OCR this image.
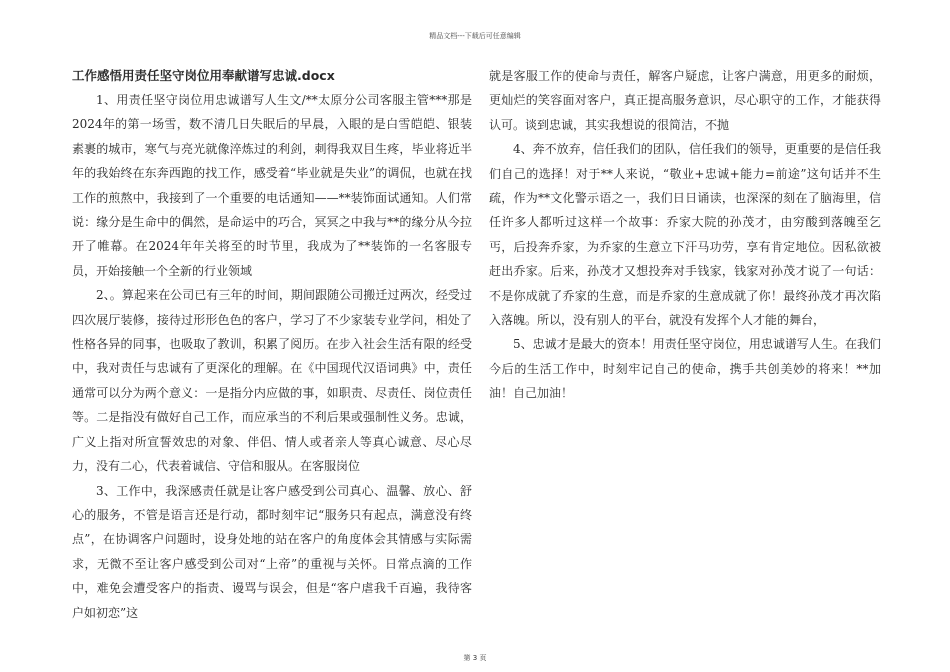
精品文档---下载后可任意编辑
工作感悟用责任坚守岗位用奉献谱写忠诚.docx

1、用责任坚守岗位用忠诚谱写人生文/**太原分公司客服主管***那是2024年的第一场雪，数不清几日失眠后的早晨，入眼的是白雪皑皑、银装素裹的城市，寒气与亮光就像淬炼过的利剑，刺得我双目生疼，毕业将近半年的我始终在东奔西跑的找工作，感受着“毕业就是失业”的调侃，也就在找工作的煎熬中，我接到了一个重要的电话通知——**装饰面试通知。人们常说：缘分是生命中的偶然，是命运中的巧合，冥冥之中我与**的缘分从今拉开了帷幕。在2024年年关将至的时节里，我成为了**装饰的一名客服专员，开始接触一个全新的行业领域

2、。算起来在公司已有三年的时间，期间跟随公司搬迁过两次，经受过四次展厅装修，接待过形形色色的客户，学习了不少家装专业学问，相处了性格各异的同事，也吸取了教训，积累了阅历。在步入社会生活有限的经受中，我对责任与忠诚有了更深化的理解。在《中国现代汉语词典》中，责任通常可以分为两个意义：一是指分内应做的事，如职责、尽责任、岗位责任等。二是指没有做好自己工作，而应承当的不利后果或强制性义务。忠诚，广义上指对所宣誓效忠的对象、伴侣、情人或者亲人等真心诚意、尽心尽力，没有二心，代表着诚信、守信和服从。在客服岗位

3、工作中，我深感责任就是让客户感受到公司真心、温馨、放心、舒心的服务，不管是语言还是行动，都时刻牢记“服务只有起点，满意没有终点”，在协调客户问题时，设身处地的站在客户的角度体会其情感与实际需求，无微不至让客户感受到公司对“上帝”的重视与关怀。日常点滴的工作中，难免会遭受客户的指责、谩骂与误会，但是“客户虐我千百遍，我待客户如初恋”这

就是客服工作的使命与责任，解客户疑虑，让客户满意，用更多的耐烦，更灿烂的笑容面对客户，真正提高服务意识，尽心职守的工作，才能获得认可。谈到忠诚，其实我想说的很简洁，不抛

4、奔不放弃，信任我们的团队，信任我们的领导，更重要的是信任我们自己的选择！对于**人来说，“敬业+忠诚+能力=前途”这句话并不生疏，作为**文化警示语之一，我们日日诵读，也深深的刻在了脑海里，信任许多人都听过这样一个故事：乔家大院的孙茂才，由穷酸到落魄至乞丐，后投奔乔家，为乔家的生意立下汗马功劳，享有肯定地位。因私欲被赶出乔家。后来，孙茂才又想投奔对手钱家，钱家对孙茂才说了一句话：不是你成就了乔家的生意，而是乔家的生意成就了你！最终孙茂才再次陷入落魄。所以，没有别人的平台，就没有发挥个人才能的舞台，

5、忠诚才是最大的资本！用责任坚守岗位，用忠诚谱写人生。在我们今后的生活工作中，时刻牢记自己的使命，携手共创美妙的将来！**加油！自己加油！

第 3 页
